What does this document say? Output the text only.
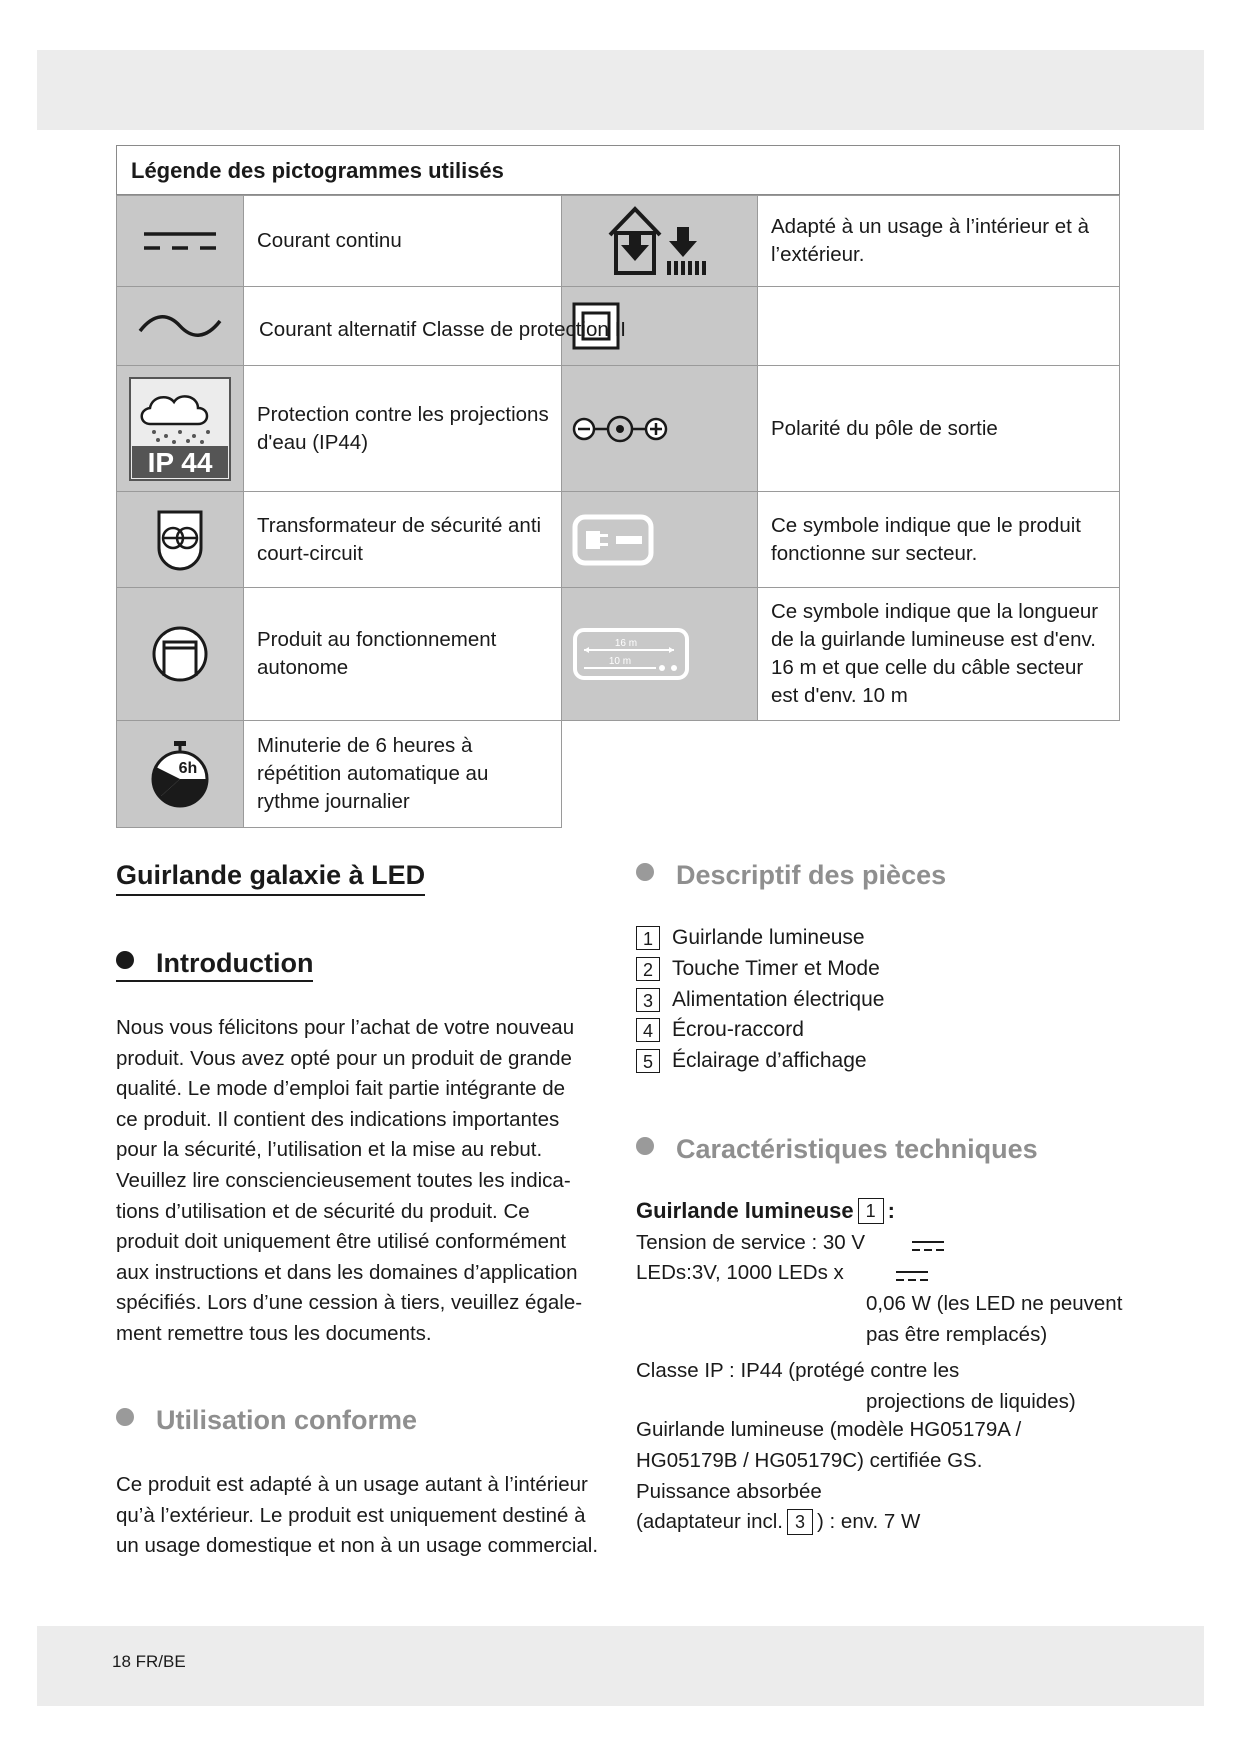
Légende des pictogrammes utilisés
Courant continu
Adapté à un usage à l’intérieur et à l’extérieur.
Courant alternatif Classe de protection II
IP 44
Protection contre les projections d'eau (IP44)
Polarité du pôle de sortie
Transformateur de sécurité anti court-circuit
Ce symbole indique que le produit fonctionne sur secteur.
Produit au fonctionnement autonome
16 m
10 m
Ce symbole indique que la longueur de la guirlande lumineuse est d'env. 16 m et que celle du câble secteur est d'env. 10 m
6h
Minuterie de 6 heures à répétition automatique au rythme journalier
Guirlande galaxie à LED
Introduction
Nous vous félicitons pour l’achat de votre nouveau
produit. Vous avez opté pour un produit de grande
qualité. Le mode d’emploi fait partie intégrante de
ce produit. Il contient des indications importantes
pour la sécurité, l’utilisation et la mise au rebut.
Veuillez lire consciencieusement toutes les indica-
tions d’utilisation et de sécurité du produit. Ce
produit doit uniquement être utilisé conformément
aux instructions et dans les domaines d’application
spécifiés. Lors d’une cession à tiers, veuillez égale-
ment remettre tous les documents.
Utilisation conforme
Ce produit est adapté à un usage autant à l’intérieur
qu’à l’extérieur. Le produit est uniquement destiné à
un usage domestique et non à un usage commercial.
Descriptif des pièces
1 Guirlande lumineuse
2 Touche Timer et Mode
3 Alimentation électrique
4 Écrou-raccord
5 Éclairage d’affichage
Caractéristiques techniques
Guirlande lumineuse 1 :
Tension de service : 30 V
LEDs:3V, 1000 LEDs x
0,06 W (les LED ne peuvent
pas être remplacés)
Classe IP : IP44 (protégé contre les
projections de liquides)
Guirlande lumineuse (modèle HG05179A /
HG05179B / HG05179C) certifiée GS.
Puissance absorbée
(adaptateur incl. 3 ) : env. 7 W
18 FR/BE
